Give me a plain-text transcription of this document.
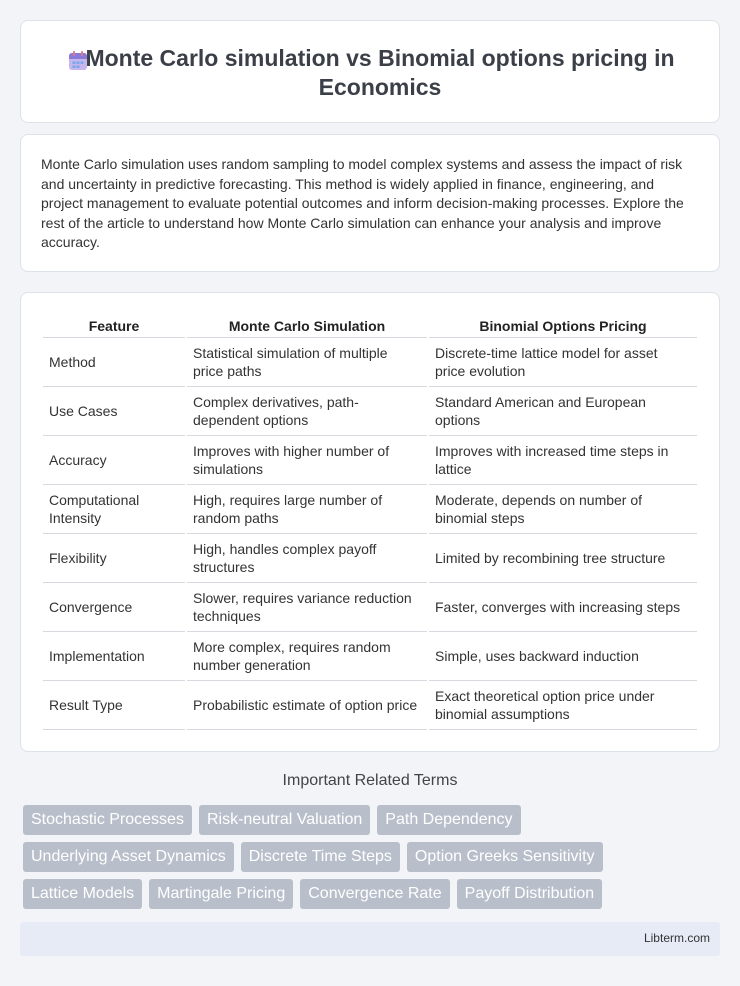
Monte Carlo simulation vs Binomial options pricing in Economics

Monte Carlo simulation uses random sampling to model complex systems and assess the impact of risk and uncertainty in predictive forecasting. This method is widely applied in finance, engineering, and project management to evaluate potential outcomes and inform decision-making processes. Explore the rest of the article to understand how Monte Carlo simulation can enhance your analysis and improve accuracy.

Feature	Monte Carlo Simulation	Binomial Options Pricing
Method	Statistical simulation of multiple price paths	Discrete-time lattice model for asset price evolution
Use Cases	Complex derivatives, path-dependent options	Standard American and European options
Accuracy	Improves with higher number of simulations	Improves with increased time steps in lattice
Computational Intensity	High, requires large number of random paths	Moderate, depends on number of binomial steps
Flexibility	High, handles complex payoff structures	Limited by recombining tree structure
Convergence	Slower, requires variance reduction techniques	Faster, converges with increasing steps
Implementation	More complex, requires random number generation	Simple, uses backward induction
Result Type	Probabilistic estimate of option price	Exact theoretical option price under binomial assumptions
Important Related Terms
Stochastic Processes	Risk-neutral Valuation	Path Dependency
Underlying Asset Dynamics	Discrete Time Steps	Option Greeks Sensitivity
Lattice Models	Martingale Pricing	Convergence Rate	Payoff Distribution
Libterm.com
